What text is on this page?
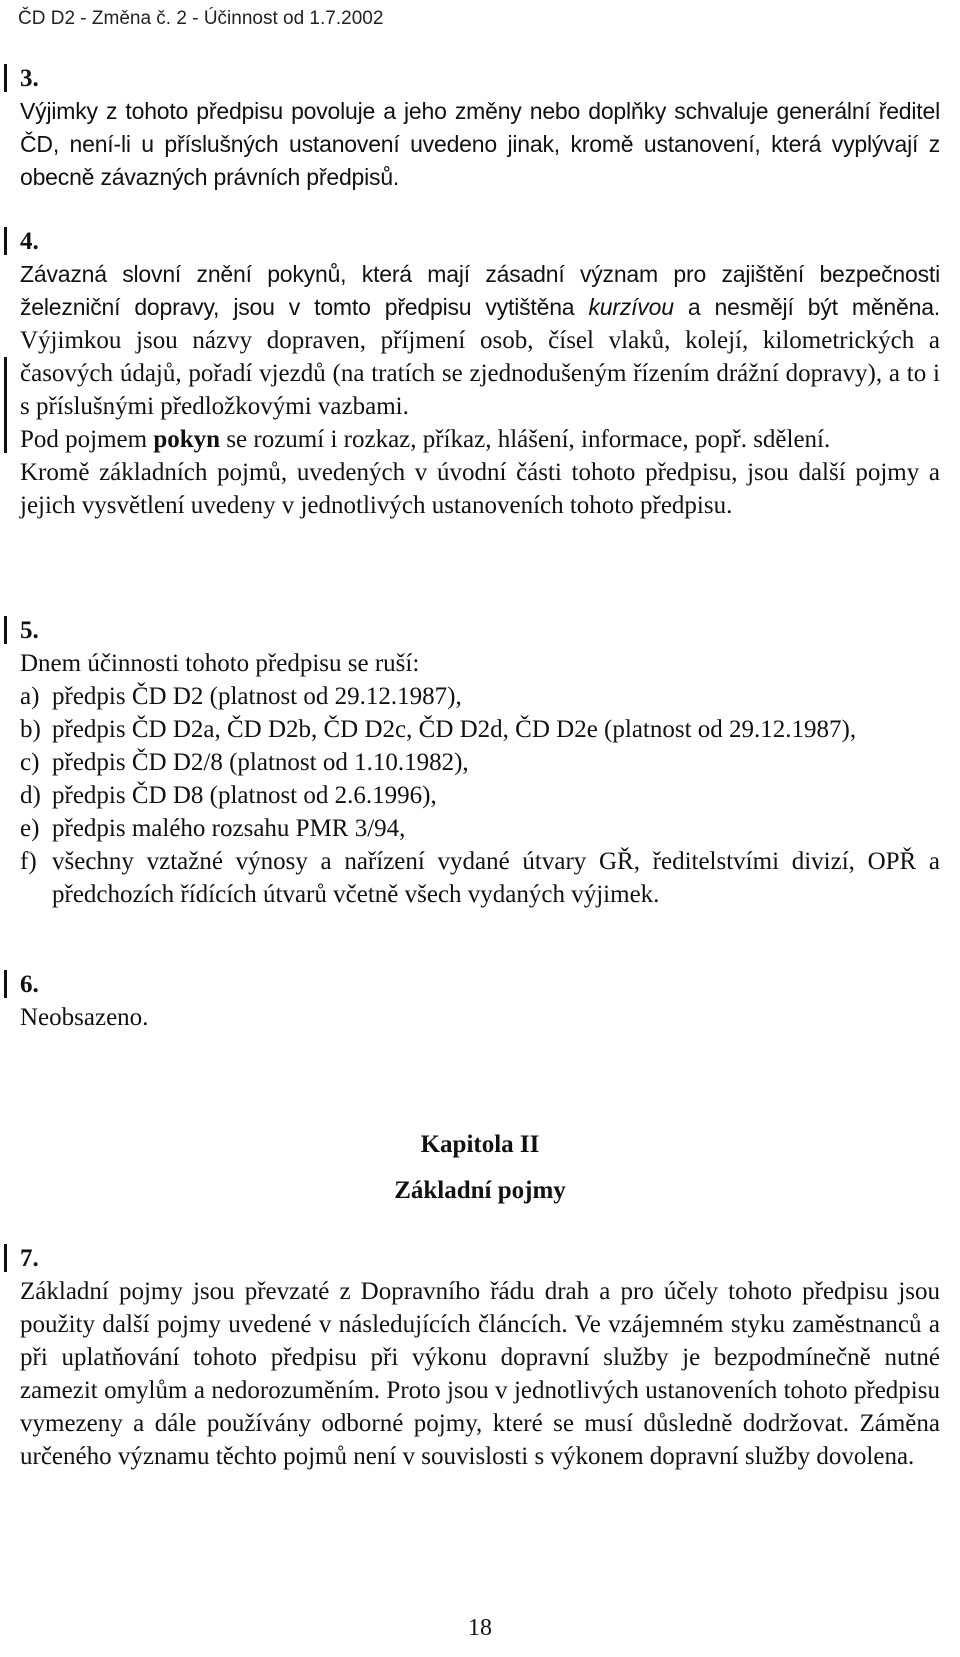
ČD D2 - Změna č. 2 - Účinnost od 1.7.2002
3.

Výjimky z tohoto předpisu povoluje a jeho změny nebo doplňky schvaluje generální ředitel ČD, není-li u příslušných ustanovení uvedeno jinak, kromě ustanovení, která vyplývají z obecně závazných právních předpisů.

4.

Závazná slovní znění pokynů, která mají zásadní význam pro zajištění bezpečnosti železniční dopravy, jsou v tomto předpisu vytištěna kurzívou a nesmějí být měněna. Výjimkou jsou názvy dopraven, příjmení osob, čísel vlaků, kolejí, kilometrických a časových údajů, pořadí vjezdů (na tratích se zjednodušeným řízením drážní dopravy), a to i s příslušnými předložkovými vazbami.

Pod pojmem pokyn se rozumí i rozkaz, příkaz, hlášení, informace, popř. sdělení.

Kromě základních pojmů, uvedených v úvodní části tohoto předpisu, jsou další pojmy a jejich vysvětlení uvedeny v jednotlivých ustanoveních tohoto předpisu.

5.

Dnem účinnosti tohoto předpisu se ruší:

a) předpis ČD D2 (platnost od 29.12.1987),
b) předpis ČD D2a, ČD D2b, ČD D2c, ČD D2d, ČD D2e (platnost od 29.12.1987),
c) předpis ČD D2/8 (platnost od 1.10.1982),
d) předpis ČD D8 (platnost od 2.6.1996),
e) předpis malého rozsahu PMR 3/94,
f) všechny vztažné výnosy a nařízení vydané útvary GŘ, ředitelstvími divizí, OPŘ a předchozích řídících útvarů včetně všech vydaných výjimek.
6.

Neobsazeno.

Kapitola II
Základní pojmy
7.

Základní pojmy jsou převzaté z Dopravního řádu drah a pro účely tohoto předpisu jsou použity další pojmy uvedené v následujících článcích. Ve vzájemném styku zaměstnanců a při uplatňování tohoto předpisu při výkonu dopravní služby je bezpodmínečně nutné zamezit omylům a nedorozuměním. Proto jsou v jednotlivých ustanoveních tohoto předpisu vymezeny a dále používány odborné pojmy, které se musí důsledně dodržovat. Záměna určeného významu těchto pojmů není v souvislosti s výkonem dopravní služby dovolena.

18
